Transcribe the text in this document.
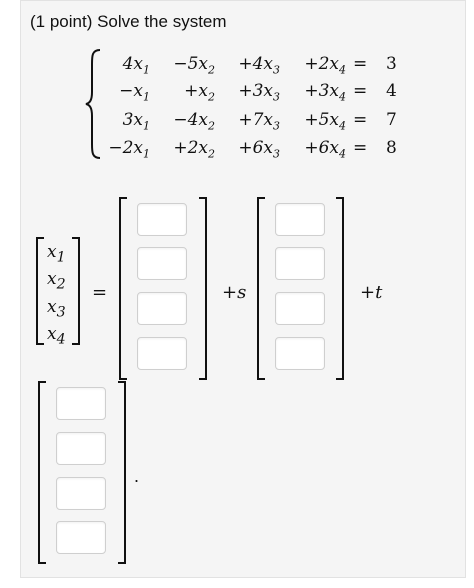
(1 point) Solve the system
$4x_1 -5x_2 +4x_3 +2x_4 = 3$
$-x_1 +x_2 +3x_3 +3x_4 = 4$
$3x_1 -4x_2 +7x_3 +5x_4 = 7$
$-2x_1 +2x_2 +6x_3 +6x_4 = 8$
$x_1$
$x_2$
$x_3$
$x_4$
=	+s	+t
.
